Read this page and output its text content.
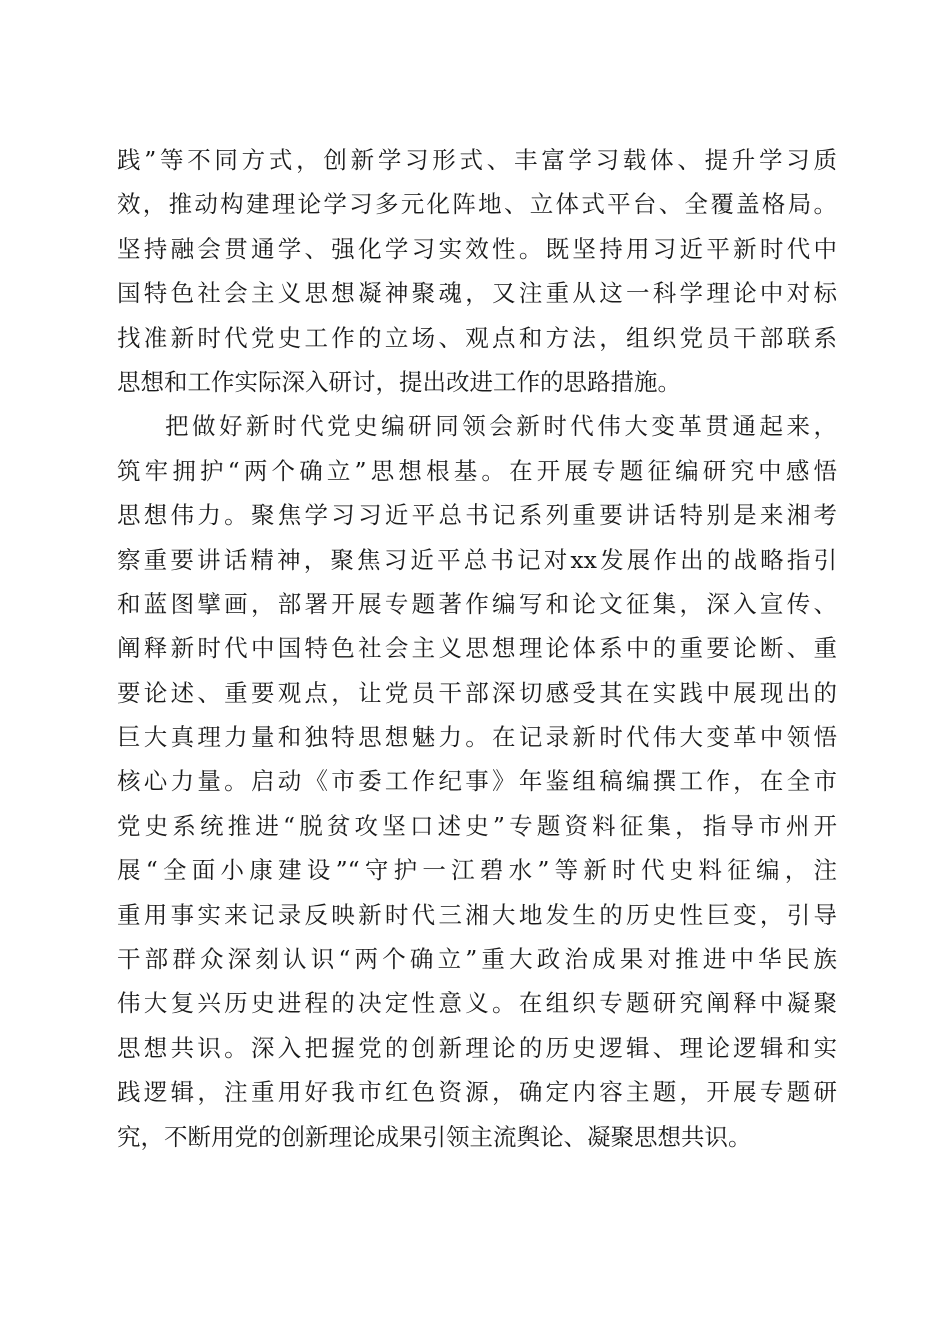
践”等不同方式，创新学习形式、丰富学习载体、提升学习质
效，推动构建理论学习多元化阵地、立体式平台、全覆盖格局。
坚持融会贯通学、强化学习实效性。既坚持用习近平新时代中
国特色社会主义思想凝神聚魂，又注重从这一科学理论中对标
找准新时代党史工作的立场、观点和方法，组织党员干部联系
思想和工作实际深入研讨，提出改进工作的思路措施。
把做好新时代党史编研同领会新时代伟大变革贯通起来，
筑牢拥护“两个确立”思想根基。在开展专题征编研究中感悟
思想伟力。聚焦学习习近平总书记系列重要讲话特别是来湘考
察重要讲话精神，聚焦习近平总书记对xx发展作出的战略指引
和蓝图擘画，部署开展专题著作编写和论文征集，深入宣传、
阐释新时代中国特色社会主义思想理论体系中的重要论断、重
要论述、重要观点，让党员干部深切感受其在实践中展现出的
巨大真理力量和独特思想魅力。在记录新时代伟大变革中领悟
核心力量。启动《市委工作纪事》年鉴组稿编撰工作，在全市
党史系统推进“脱贫攻坚口述史”专题资料征集，指导市州开
展“全面小康建设”“守护一江碧水”等新时代史料征编，注
重用事实来记录反映新时代三湘大地发生的历史性巨变，引导
干部群众深刻认识“两个确立”重大政治成果对推进中华民族
伟大复兴历史进程的决定性意义。在组织专题研究阐释中凝聚
思想共识。深入把握党的创新理论的历史逻辑、理论逻辑和实
践逻辑，注重用好我市红色资源，确定内容主题，开展专题研
究，不断用党的创新理论成果引领主流舆论、凝聚思想共识。
